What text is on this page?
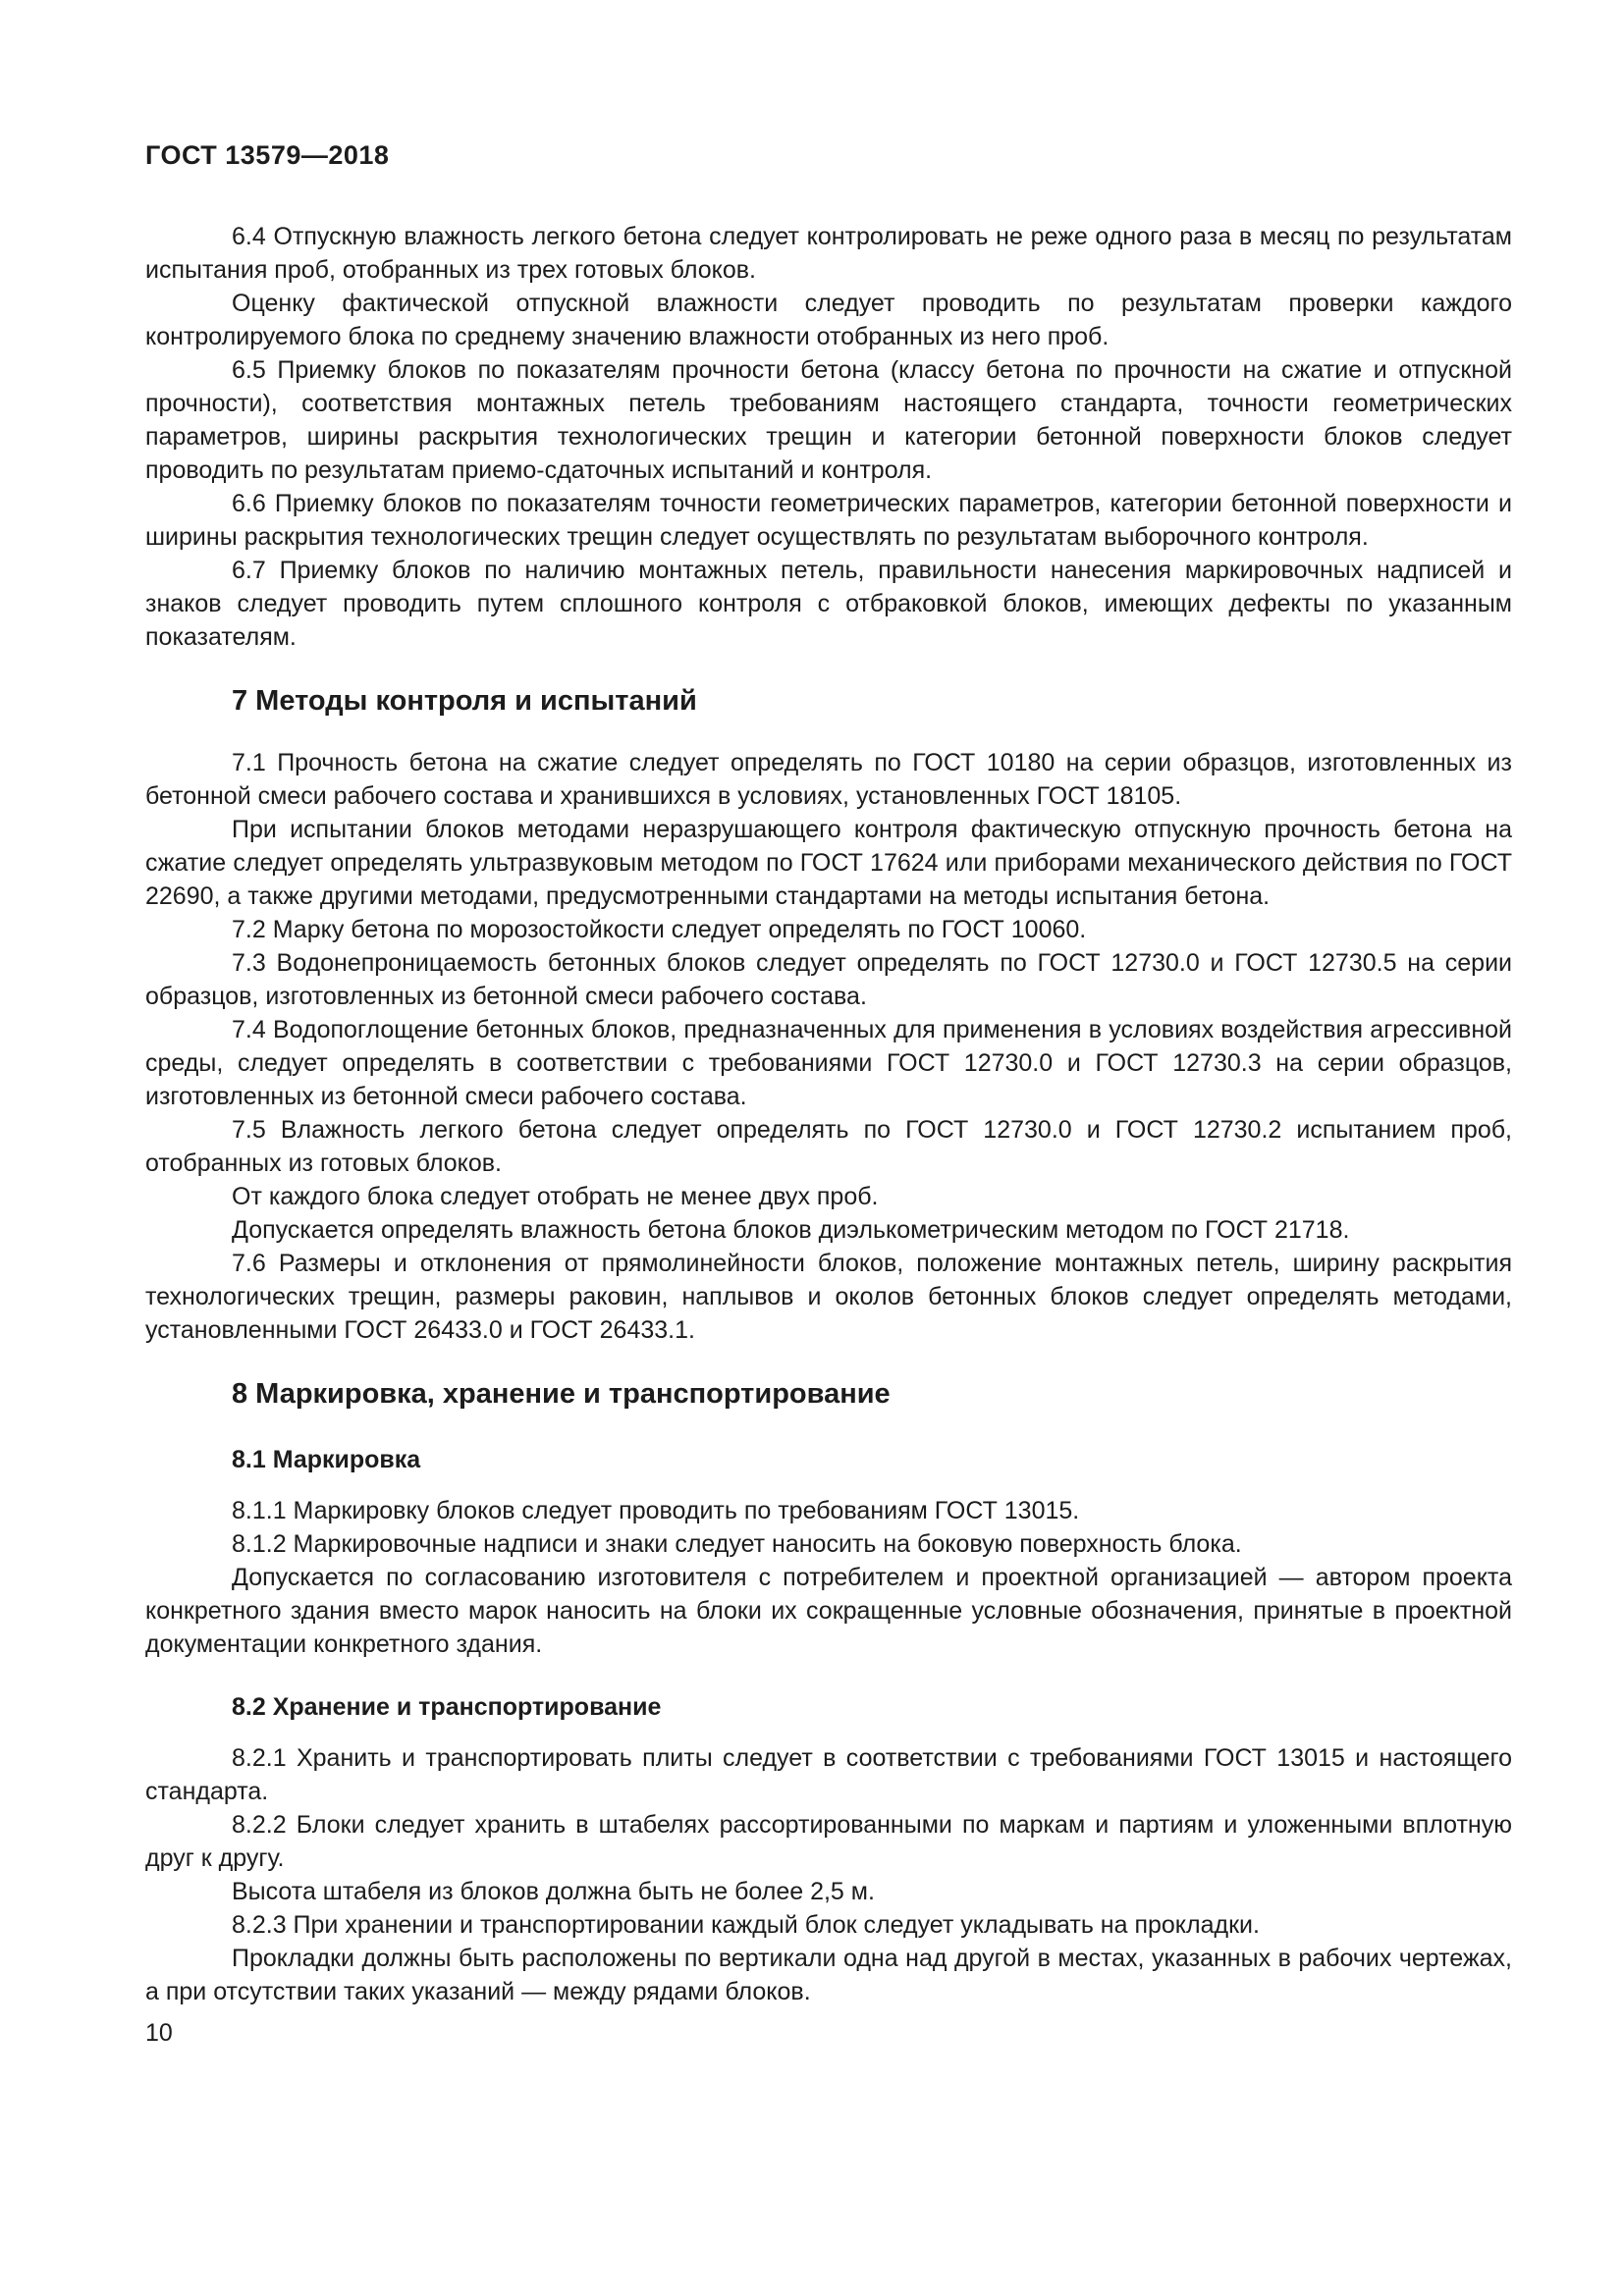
ГОСТ 13579—2018

6.4 Отпускную влажность легкого бетона следует контролировать не реже одного раза в месяц по результатам испытания проб, отобранных из трех готовых блоков.

Оценку фактической отпускной влажности следует проводить по результатам проверки каждого контролируемого блока по среднему значению влажности отобранных из него проб.

6.5 Приемку блоков по показателям прочности бетона (классу бетона по прочности на сжатие и отпускной прочности), соответствия монтажных петель требованиям настоящего стандарта, точности геометрических параметров, ширины раскрытия технологических трещин и категории бетонной поверхности блоков следует проводить по результатам приемо-сдаточных испытаний и контроля.

6.6 Приемку блоков по показателям точности геометрических параметров, категории бетонной поверхности и ширины раскрытия технологических трещин следует осуществлять по результатам выборочного контроля.

6.7 Приемку блоков по наличию монтажных петель, правильности нанесения маркировочных надписей и знаков следует проводить путем сплошного контроля с отбраковкой блоков, имеющих дефекты по указанным показателям.

7 Методы контроля и испытаний

7.1 Прочность бетона на сжатие следует определять по ГОСТ 10180 на серии образцов, изготовленных из бетонной смеси рабочего состава и хранившихся в условиях, установленных ГОСТ 18105.

При испытании блоков методами неразрушающего контроля фактическую отпускную прочность бетона на сжатие следует определять ультразвуковым методом по ГОСТ 17624 или приборами механического действия по ГОСТ 22690, а также другими методами, предусмотренными стандартами на методы испытания бетона.

7.2 Марку бетона по морозостойкости следует определять по ГОСТ 10060.

7.3 Водонепроницаемость бетонных блоков следует определять по ГОСТ 12730.0 и ГОСТ 12730.5 на серии образцов, изготовленных из бетонной смеси рабочего состава.

7.4 Водопоглощение бетонных блоков, предназначенных для применения в условиях воздействия агрессивной среды, следует определять в соответствии с требованиями ГОСТ 12730.0 и ГОСТ 12730.3 на серии образцов, изготовленных из бетонной смеси рабочего состава.

7.5 Влажность легкого бетона следует определять по ГОСТ 12730.0 и ГОСТ 12730.2 испытанием проб, отобранных из готовых блоков.

От каждого блока следует отобрать не менее двух проб.

Допускается определять влажность бетона блоков диэлькометрическим методом по ГОСТ 21718.

7.6 Размеры и отклонения от прямолинейности блоков, положение монтажных петель, ширину раскрытия технологических трещин, размеры раковин, наплывов и околов бетонных блоков следует определять методами, установленными ГОСТ 26433.0 и ГОСТ 26433.1.

8 Маркировка, хранение и транспортирование
8.1 Маркировка

8.1.1 Маркировку блоков следует проводить по требованиям ГОСТ 13015.

8.1.2 Маркировочные надписи и знаки следует наносить на боковую поверхность блока.

Допускается по согласованию изготовителя с потребителем и проектной организацией — автором проекта конкретного здания вместо марок наносить на блоки их сокращенные условные обозначения, принятые в проектной документации конкретного здания.

8.2 Хранение и транспортирование

8.2.1 Хранить и транспортировать плиты следует в соответствии с требованиями ГОСТ 13015 и настоящего стандарта.

8.2.2 Блоки следует хранить в штабелях рассортированными по маркам и партиям и уложенными вплотную друг к другу.

Высота штабеля из блоков должна быть не более 2,5 м.

8.2.3 При хранении и транспортировании каждый блок следует укладывать на прокладки.

Прокладки должны быть расположены по вертикали одна над другой в местах, указанных в рабочих чертежах, а при отсутствии таких указаний — между рядами блоков.

10
